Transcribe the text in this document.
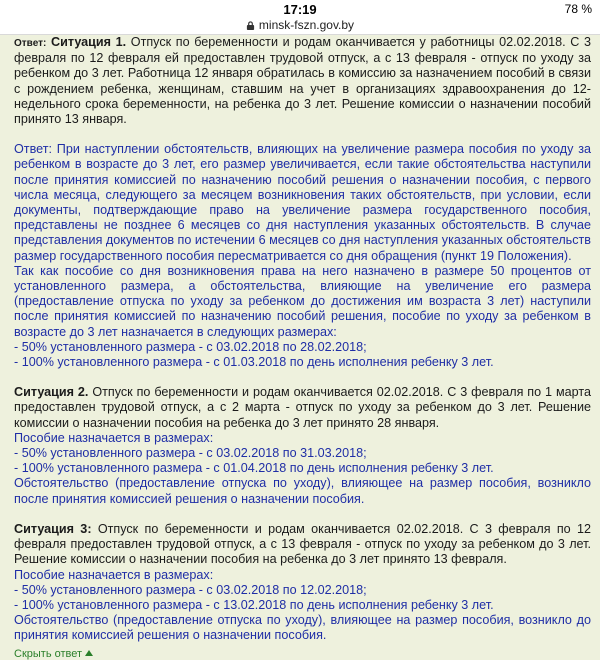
17:19	78 %
minsk-fszn.gov.by

Ответ: Ситуация 1. Отпуск по беременности и родам оканчивается у работницы 02.02.2018. С 3 февраля по 12 февраля ей предоставлен трудовой отпуск, а с 13 февраля - отпуск по уходу за ребенком до 3 лет. Работница 12 января обратилась в комиссию за назначением пособий в связи с рождением ребенка, женщинам, ставшим на учет в организациях здравоохранения до 12-недельного срока беременности, на ребенка до 3 лет. Решение комиссии о назначении пособий принято 13 января.

Ответ: При наступлении обстоятельств, влияющих на увеличение размера пособия по уходу за ребенком в возрасте до 3 лет, его размер увеличивается, если такие обстоятельства наступили после принятия комиссией по назначению пособий решения о назначении пособия, с первого числа месяца, следующего за месяцем возникновения таких обстоятельств, при условии, если документы, подтверждающие право на увеличение размера государственного пособия, представлены не позднее 6 месяцев со дня наступления указанных обстоятельств. В случае представления документов по истечении 6 месяцев со дня наступления указанных обстоятельств размер государственного пособия пересматривается со дня обращения (пункт 19 Положения).
Так как пособие со дня возникновения права на него назначено в размере 50 процентов от установленного размера, а обстоятельства, влияющие на увеличение его размера (предоставление отпуска по уходу за ребенком до достижения им возраста 3 лет) наступили после принятия комиссией по назначению пособий решения, пособие по уходу за ребенком в возрасте до 3 лет назначается в следующих размерах:
- 50% установленного размера - с 03.02.2018 по 28.02.2018;
- 100% установленного размера - с 01.03.2018 по день исполнения ребенку 3 лет.
Ситуация 2. Отпуск по беременности и родам оканчивается 02.02.2018. С 3 февраля по 1 марта предоставлен трудовой отпуск, а с 2 марта - отпуск по уходу за ребенком до 3 лет. Решение комиссии о назначении пособия на ребенка до 3 лет принято 28 января.
Пособие назначается в размерах:
- 50% установленного размера - с 03.02.2018 по 31.03.2018;
- 100% установленного размера - с 01.04.2018 по день исполнения ребенку 3 лет.
Обстоятельство (предоставление отпуска по уходу), влияющее на размер пособия, возникло после принятия комиссией решения о назначении пособия.
Ситуация 3: Отпуск по беременности и родам оканчивается 02.02.2018. С 3 февраля по 12 февраля предоставлен трудовой отпуск, а с 13 февраля - отпуск по уходу за ребенком до 3 лет. Решение комиссии о назначении пособия на ребенка до 3 лет принято 13 февраля.
Пособие назначается в размерах:
- 50% установленного размера - с 03.02.2018 по 12.02.2018;
- 100% установленного размера - с 13.02.2018 по день исполнения ребенку 3 лет.
Обстоятельство (предоставление отпуска по уходу), влияющее на размер пособия, возникло до принятия комиссией решения о назначении пособия.
Скрыть ответ
